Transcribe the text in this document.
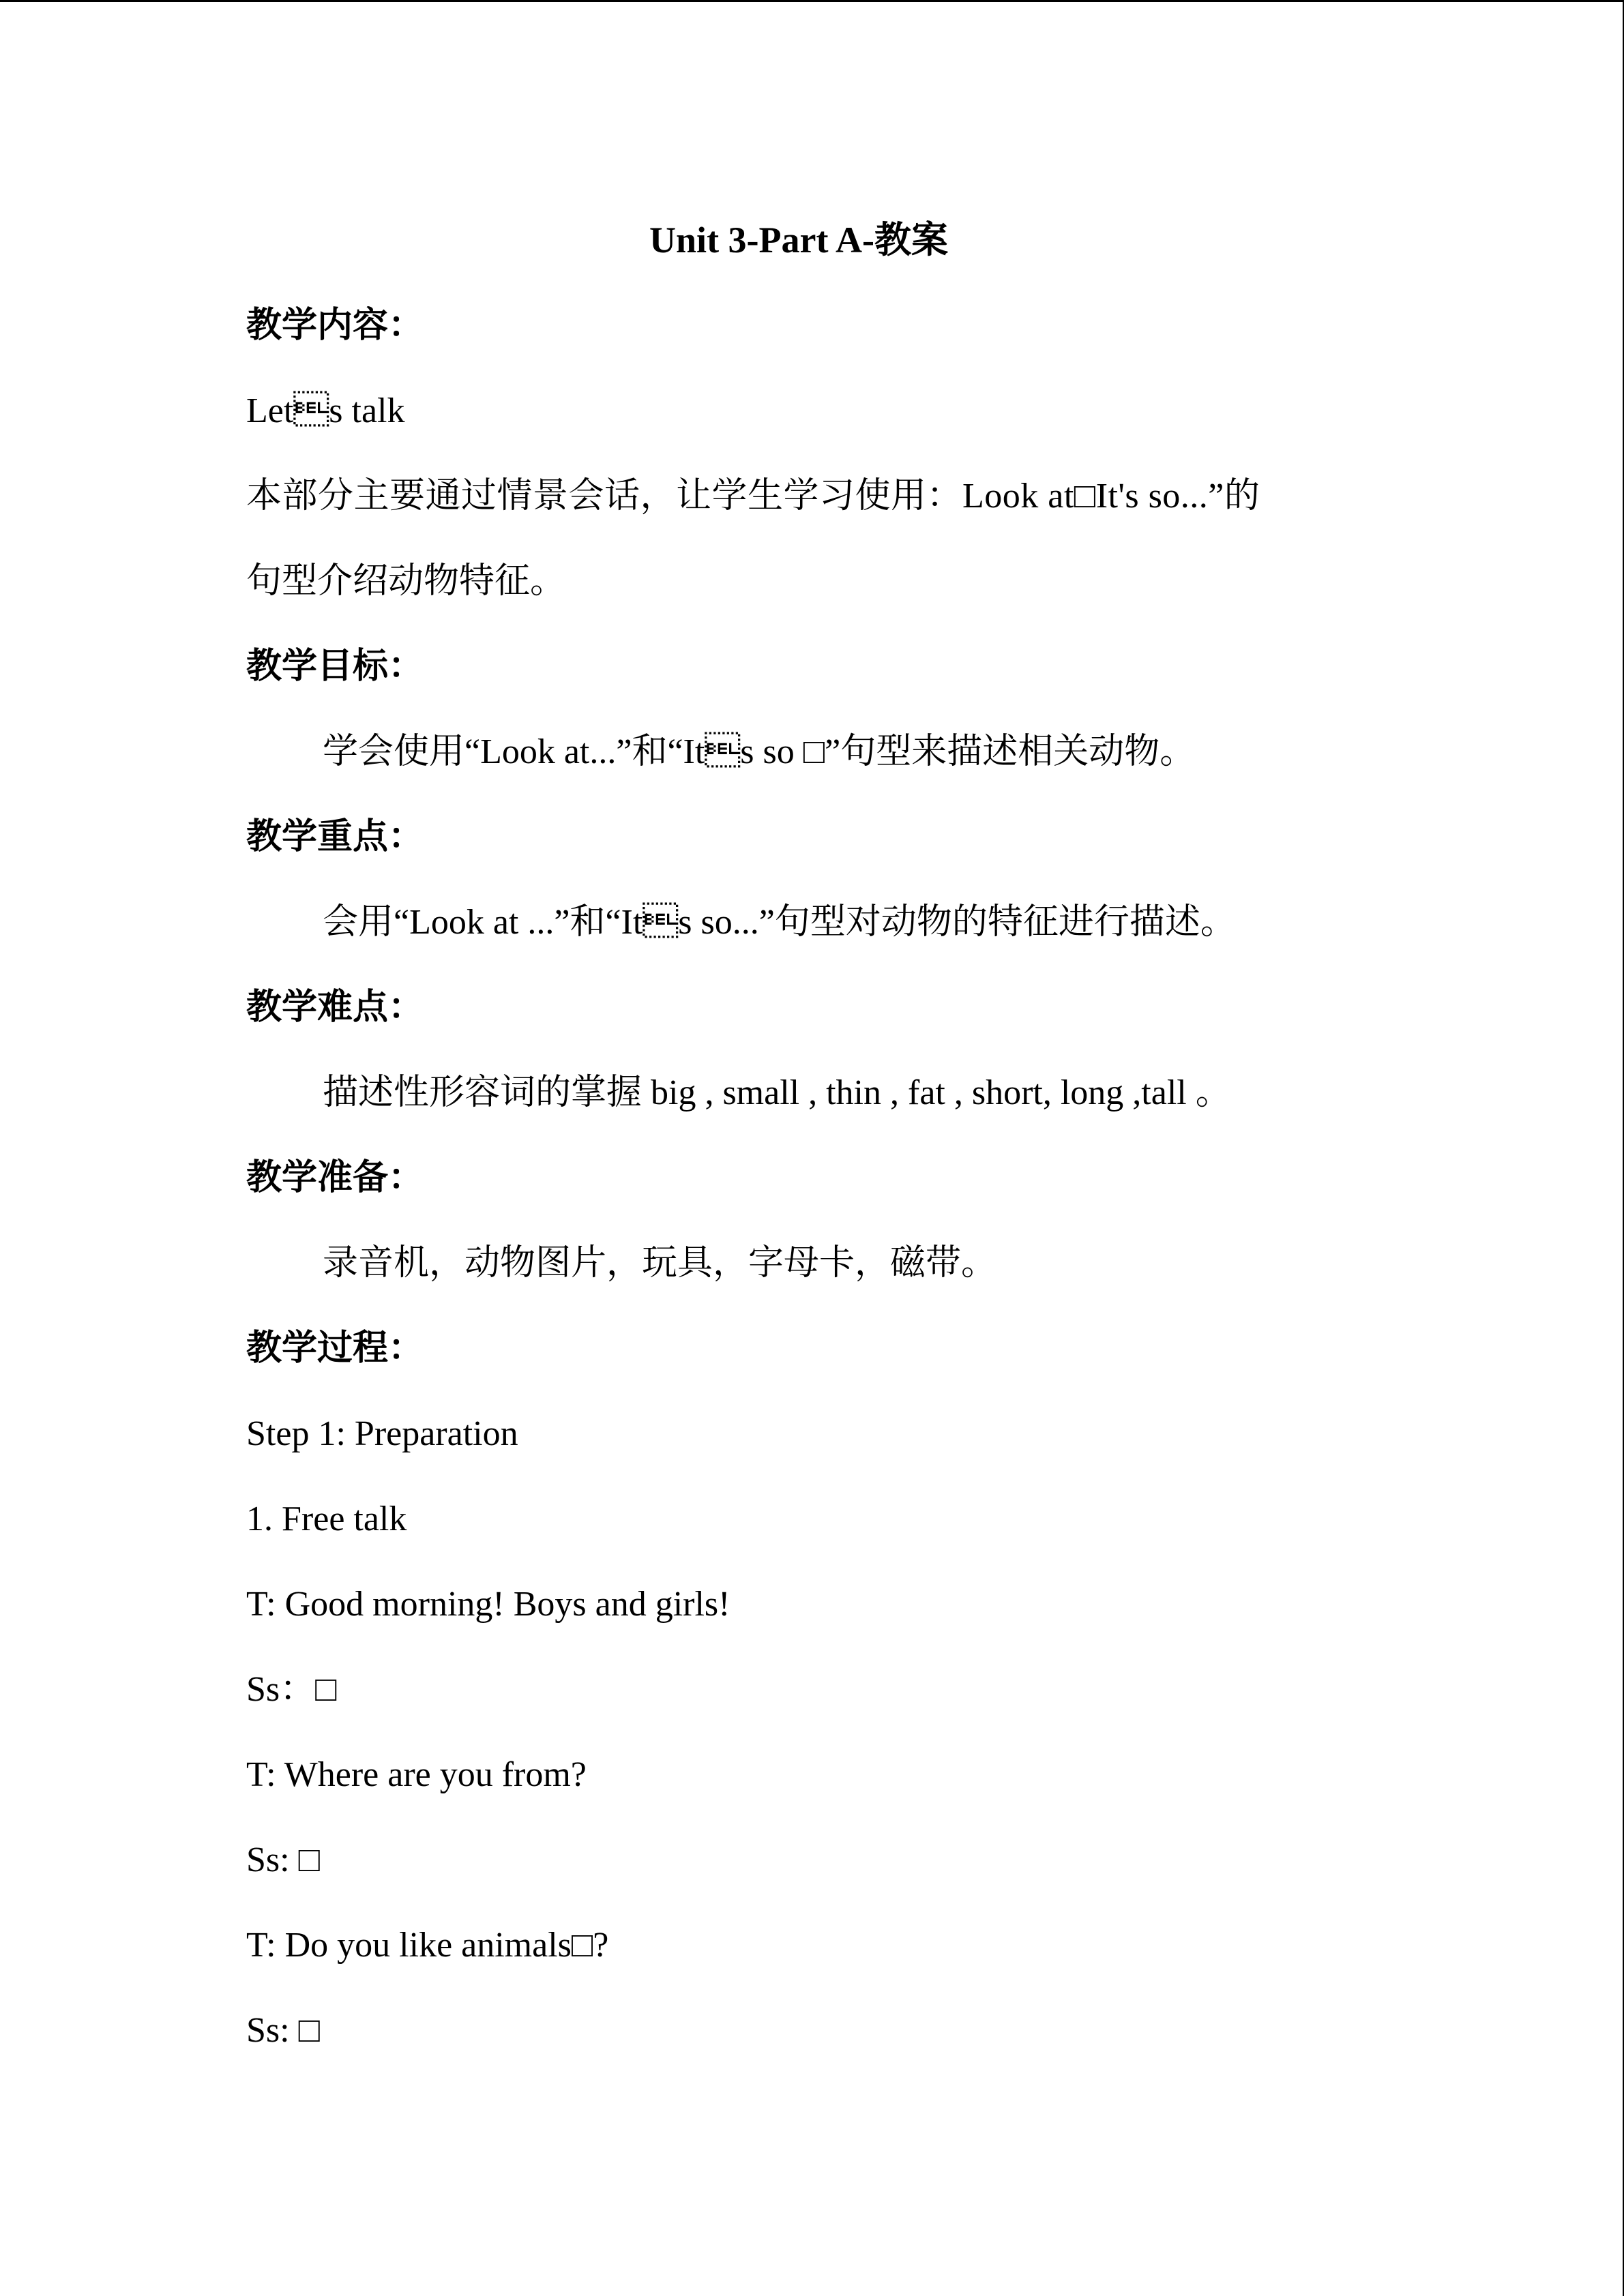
Unit 3-Part A-教案
教学内容：
Lets talk
本部分主要通过情景会话，让学生学习使用：Look at□It's so...”的
句型介绍动物特征。
教学目标：
学会使用“Look at...”和“Its so □”句型来描述相关动物。
教学重点：
会用“Look at ...”和“Its so...”句型对动物的特征进行描述。
教学难点：
描述性形容词的掌握 big , small , thin , fat , short, long ,tall 。
教学准备：
录音机，动物图片，玩具，字母卡，磁带。
教学过程：
Step 1: Preparation
1. Free talk
T: Good morning! Boys and girls!
Ss：□
T: Where are you from?
Ss: □
T: Do you like animals□?
Ss: □
